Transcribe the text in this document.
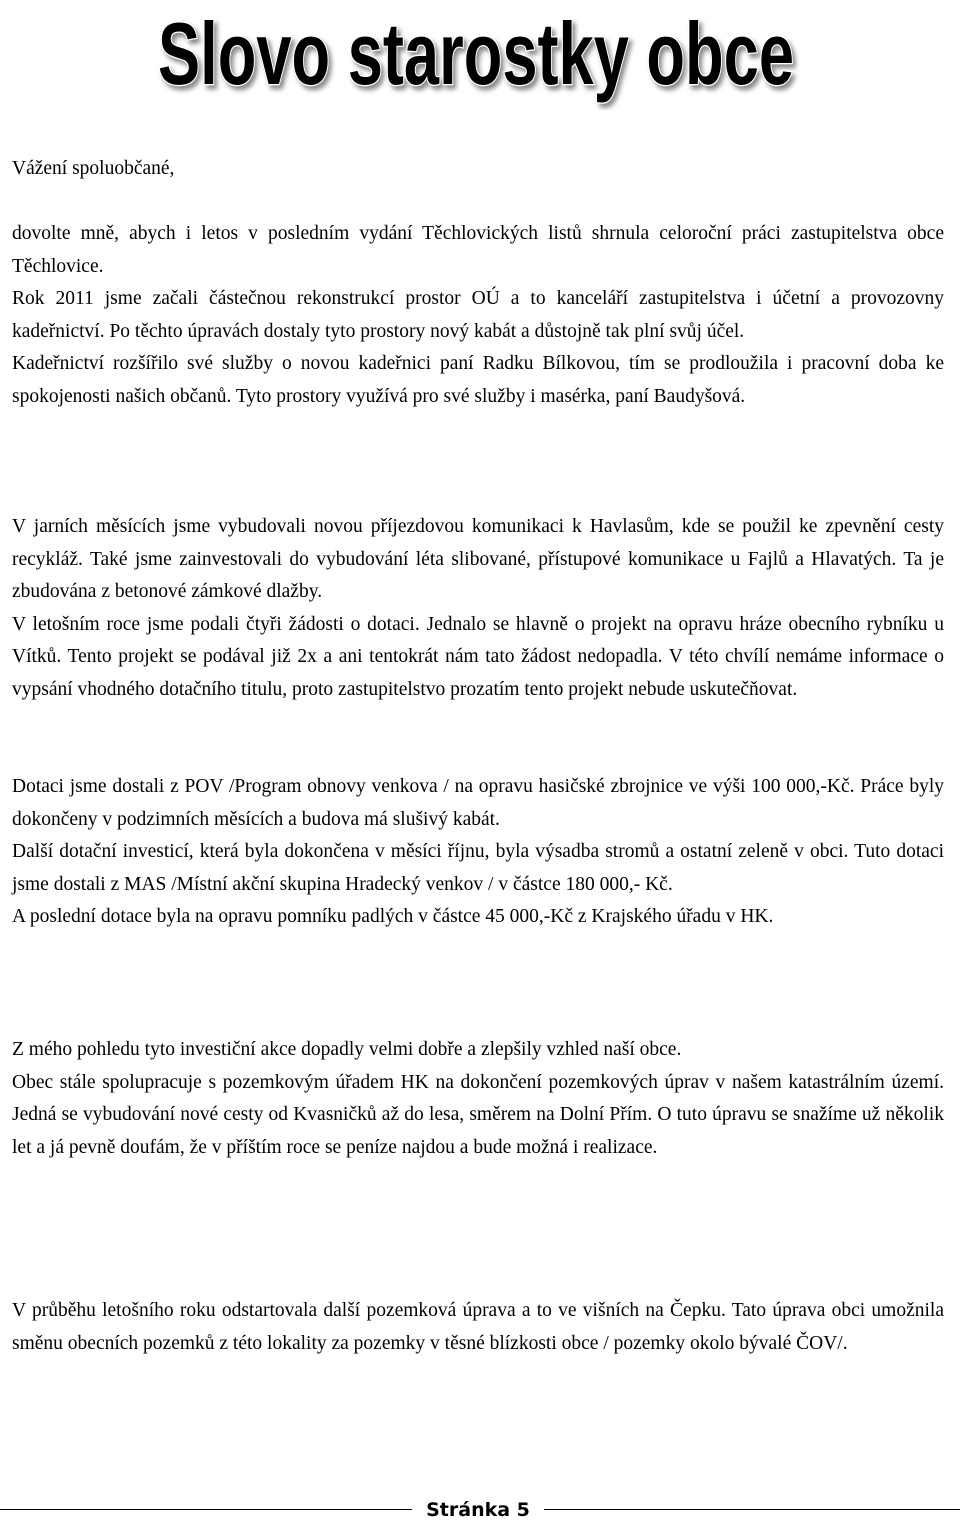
Slovo starostky obce

Vážení spoluobčané,

dovolte mně, abych i letos v posledním vydání Těchlovických listů shrnula celoroční práci zastupitelstva obce Těchlovice.

Rok 2011 jsme začali částečnou rekonstrukcí prostor OÚ a to kanceláří zastupitelstva i účetní a provozovny kadeřnictví. Po těchto úpravách dostaly tyto prostory nový kabát a důstojně tak plní svůj účel.

Kadeřnictví rozšířilo své služby o novou kadeřnici paní Radku Bílkovou, tím se prodloužila i pracovní doba ke spokojenosti našich občanů. Tyto prostory využívá pro své služby i masérka, paní Baudyšová.

V jarních měsících jsme vybudovali novou příjezdovou komunikaci k Havlasům, kde se použil ke zpevnění cesty recykláž. Také jsme zainvestovali do vybudování léta slibované, přístupové komunikace u Fajlů a Hlavatých. Ta je zbudována z betonové zámkové dlažby.

V letošním roce jsme podali čtyři žádosti o dotaci. Jednalo se hlavně o projekt na opravu hráze obecního rybníku u Vítků. Tento projekt se podával již 2x a ani tentokrát nám tato žádost nedopadla. V této chvílí nemáme informace o vypsání vhodného dotačního titulu, proto zastupitelstvo prozatím tento projekt nebude uskutečňovat.

Dotaci jsme dostali z POV /Program obnovy venkova / na opravu hasičské zbrojnice ve výši 100 000,-Kč. Práce byly dokončeny v podzimních měsících a budova má slušivý kabát.

Další dotační investicí, která byla dokončena v měsíci říjnu, byla výsadba stromů a ostatní zeleně v obci. Tuto dotaci jsme dostali z MAS /Místní akční skupina Hradecký venkov / v částce 180 000,- Kč.

A poslední dotace byla na opravu pomníku padlých v částce 45 000,-Kč z Krajského úřadu v HK.

Z mého pohledu tyto investiční akce dopadly velmi dobře a zlepšily vzhled naší obce.

Obec stále spolupracuje s pozemkovým úřadem HK na dokončení pozemkových úprav v našem katastrálním území. Jedná se vybudování nové cesty od Kvasničků až do lesa, směrem na Dolní Přím. O tuto úpravu se snažíme už několik let a já pevně doufám, že v příštím roce se peníze najdou a bude možná i realizace.

V průběhu letošního roku odstartovala další pozemková úprava a to ve višních na Čepku. Tato úprava obci umožnila směnu obecních pozemků z této lokality za pozemky v těsné blízkosti obce / pozemky okolo bývalé ČOV/.

Stránka 5
